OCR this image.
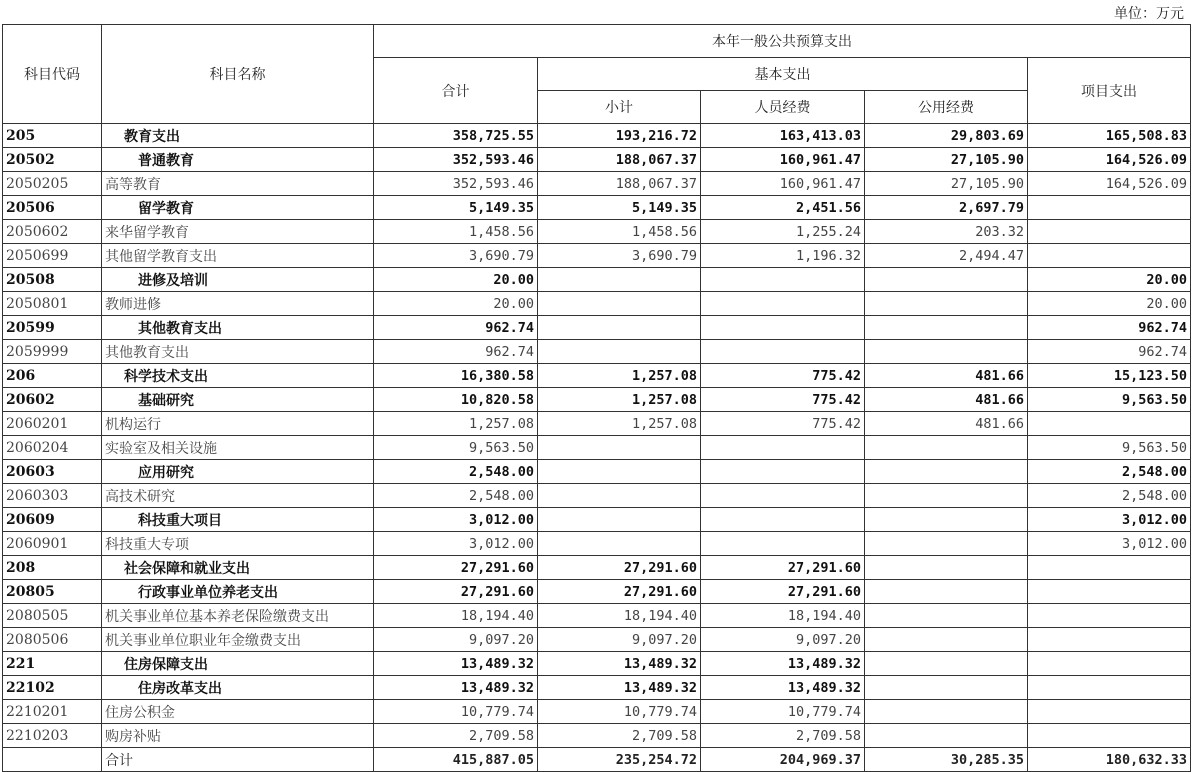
单位：万元
科目代码	科目名称	本年一般公共预算支出				
		合计	基本支出			项目支出
			小计	人员经费	公用经费	
205	教育支出	358,725.55	193,216.72	163,413.03	29,803.69	165,508.83
20502	普通教育	352,593.46	188,067.37	160,961.47	27,105.90	164,526.09
2050205	高等教育	352,593.46	188,067.37	160,961.47	27,105.90	164,526.09
20506	留学教育	5,149.35	5,149.35	2,451.56	2,697.79	
2050602	来华留学教育	1,458.56	1,458.56	1,255.24	203.32	
2050699	其他留学教育支出	3,690.79	3,690.79	1,196.32	2,494.47	
20508	进修及培训	20.00				20.00
2050801	教师进修	20.00				20.00
20599	其他教育支出	962.74				962.74
2059999	其他教育支出	962.74				962.74
206	科学技术支出	16,380.58	1,257.08	775.42	481.66	15,123.50
20602	基础研究	10,820.58	1,257.08	775.42	481.66	9,563.50
2060201	机构运行	1,257.08	1,257.08	775.42	481.66	
2060204	实验室及相关设施	9,563.50				9,563.50
20603	应用研究	2,548.00				2,548.00
2060303	高技术研究	2,548.00				2,548.00
20609	科技重大项目	3,012.00				3,012.00
2060901	科技重大专项	3,012.00				3,012.00
208	社会保障和就业支出	27,291.60	27,291.60	27,291.60		
20805	行政事业单位养老支出	27,291.60	27,291.60	27,291.60		
2080505	机关事业单位基本养老保险缴费支出	18,194.40	18,194.40	18,194.40		
2080506	机关事业单位职业年金缴费支出	9,097.20	9,097.20	9,097.20		
221	住房保障支出	13,489.32	13,489.32	13,489.32		
22102	住房改革支出	13,489.32	13,489.32	13,489.32		
2210201	住房公积金	10,779.74	10,779.74	10,779.74		
2210203	购房补贴	2,709.58	2,709.58	2,709.58		
	合计	415,887.05	235,254.72	204,969.37	30,285.35	180,632.33
